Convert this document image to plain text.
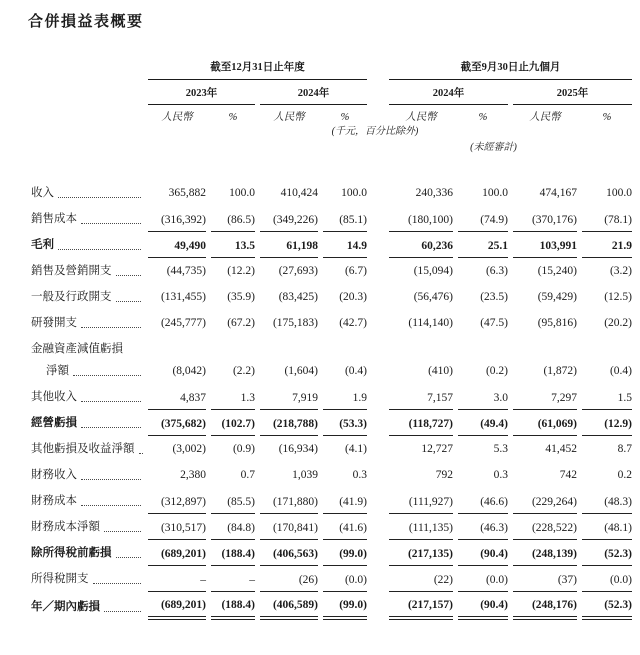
合併損益表概要
	截至12月31日止年度					截至9月30日止九個月			
	2023年		2024年			2024年		2025年	
	人民幣	%	人民幣	%		人民幣	%	人民幣	%
	(千元，百分比除外)								
						(未經審計)			

收入	365,882	100.0	410,424	100.0		240,336	100.0	474,167	100.0

銷售成本	(316,392)	(86.5)	(349,226)	(85.1)		(180,100)	(74.9)	(370,176)	(78.1)

毛利	49,490	13.5	61,198	14.9		60,236	25.1	103,991	21.9

銷售及營銷開支	(44,735)	(12.2)	(27,693)	(6.7)		(15,094)	(6.3)	(15,240)	(3.2)

一般及行政開支	(131,455)	(35.9)	(83,425)	(20.3)		(56,476)	(23.5)	(59,429)	(12.5)

研發開支	(245,777)	(67.2)	(175,183)	(42.7)		(114,140)	(47.5)	(95,816)	(20.2)

金融資產減值虧損									

淨額	(8,042)	(2.2)	(1,604)	(0.4)		(410)	(0.2)	(1,872)	(0.4)

其他收入	4,837	1.3	7,919	1.9		7,157	3.0	7,297	1.5

經營虧損	(375,682)	(102.7)	(218,788)	(53.3)		(118,727)	(49.4)	(61,069)	(12.9)

其他虧損及收益淨額	(3,002)	(0.9)	(16,934)	(4.1)		12,727	5.3	41,452	8.7

財務收入	2,380	0.7	1,039	0.3		792	0.3	742	0.2

財務成本	(312,897)	(85.5)	(171,880)	(41.9)		(111,927)	(46.6)	(229,264)	(48.3)

財務成本淨額	(310,517)	(84.8)	(170,841)	(41.6)		(111,135)	(46.3)	(228,522)	(48.1)

除所得稅前虧損	(689,201)	(188.4)	(406,563)	(99.0)		(217,135)	(90.4)	(248,139)	(52.3)

所得稅開支	–	–	(26)	(0.0)		(22)	(0.0)	(37)	(0.0)

年／期內虧損	(689,201)	(188.4)	(406,589)	(99.0)		(217,157)	(90.4)	(248,176)	(52.3)
